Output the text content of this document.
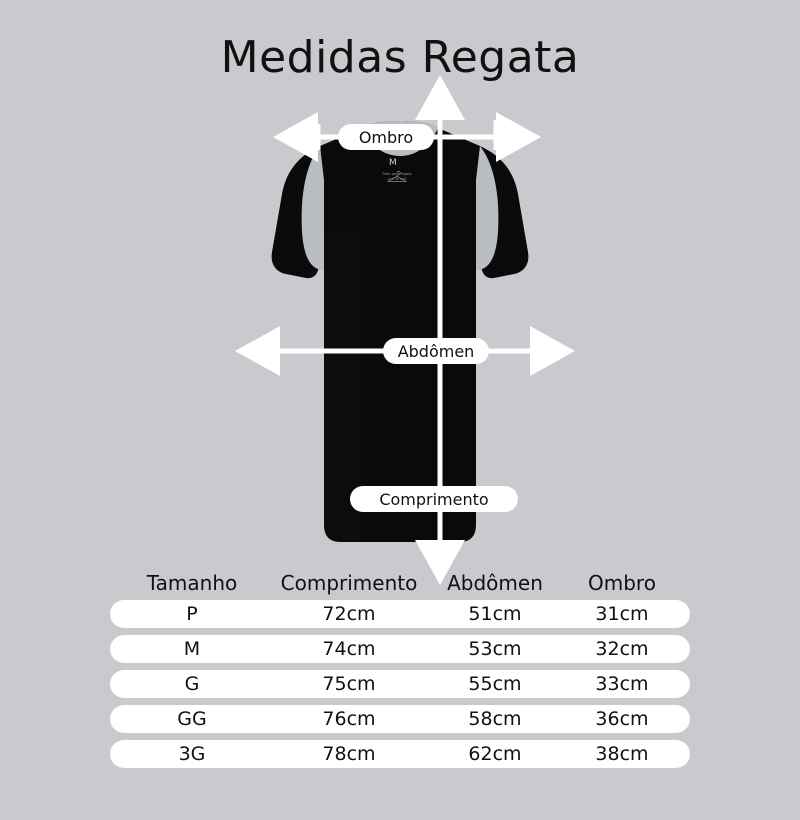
Medidas Regata
M
Feito para regata
cod 00 xx0
Ombro
Abdômen
Comprimento
Tamanho	Comprimento	Abdômen	Ombro
P	72cm	51cm	31cm
M	74cm	53cm	32cm
G	75cm	55cm	33cm
GG	76cm	58cm	36cm
3G	78cm	62cm	38cm
